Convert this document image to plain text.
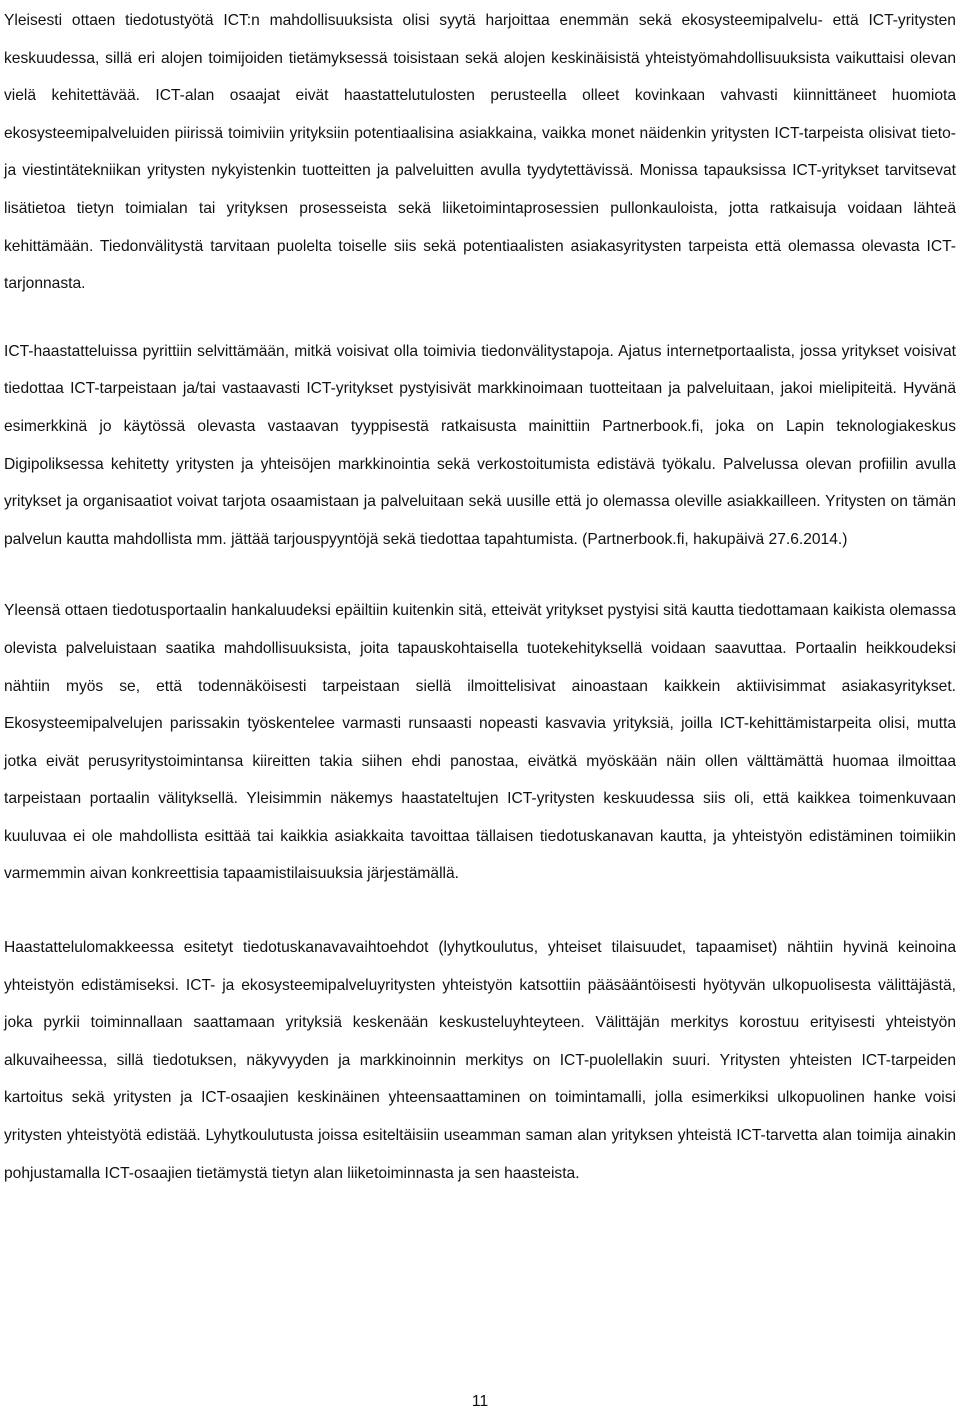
Yleisesti ottaen tiedotustyötä ICT:n mahdollisuuksista olisi syytä harjoittaa enemmän sekä ekosysteemipalvelu- että ICT-yritysten keskuudessa, sillä eri alojen toimijoiden tietämyksessä toisistaan sekä alojen keskinäisistä yhteistyömahdollisuuksista vaikuttaisi olevan vielä kehitettävää. ICT-alan osaajat eivät haastattelutulosten perusteella olleet kovinkaan vahvasti kiinnittäneet huomiota ekosysteemipalveluiden piirissä toimiviin yrityksiin potentiaalisina asiakkaina, vaikka monet näidenkin yritysten ICT-tarpeista olisivat tieto- ja viestintätekniikan yritysten nykyistenkin tuotteitten ja palveluitten avulla tyydytettävissä. Monissa tapauksissa ICT-yritykset tarvitsevat lisätietoa tietyn toimialan tai yrityksen prosesseista sekä liiketoimintaprosessien pullonkauloista, jotta ratkaisuja voidaan lähteä kehittämään. Tiedonvälitystä tarvitaan puolelta toiselle siis sekä potentiaalisten asiakasyritysten tarpeista että olemassa olevasta ICT-tarjonnasta.

ICT-haastatteluissa pyrittiin selvittämään, mitkä voisivat olla toimivia tiedonvälitystapoja. Ajatus internetportaalista, jossa yritykset voisivat tiedottaa ICT-tarpeistaan ja/tai vastaavasti ICT-yritykset pystyisivät markkinoimaan tuotteitaan ja palveluitaan, jakoi mielipiteitä. Hyvänä esimerkkinä jo käytössä olevasta vastaavan tyyppisestä ratkaisusta mainittiin Partnerbook.fi, joka on Lapin teknologiakeskus Digipoliksessa kehitetty yritysten ja yhteisöjen markkinointia sekä verkostoitumista edistävä työkalu. Palvelussa olevan profiilin avulla yritykset ja organisaatiot voivat tarjota osaamistaan ja palveluitaan sekä uusille että jo olemassa oleville asiakkailleen. Yritysten on tämän palvelun kautta mahdollista mm. jättää tarjouspyyntöjä sekä tiedottaa tapahtumista. (Partnerbook.fi, hakupäivä 27.6.2014.)

Yleensä ottaen tiedotusportaalin hankaluudeksi epäiltiin kuitenkin sitä, etteivät yritykset pystyisi sitä kautta tiedottamaan kaikista olemassa olevista palveluistaan saatika mahdollisuuksista, joita tapauskohtaisella tuotekehityksellä voidaan saavuttaa. Portaalin heikkoudeksi nähtiin myös se, että todennäköisesti tarpeistaan siellä ilmoittelisivat ainoastaan kaikkein aktiivisimmat asiakasyritykset. Ekosysteemipalvelujen parissakin työskentelee varmasti runsaasti nopeasti kasvavia yrityksiä, joilla ICT-kehittämistarpeita olisi, mutta jotka eivät perusyritystoimintansa kiireitten takia siihen ehdi panostaa, eivätkä myöskään näin ollen välttämättä huomaa ilmoittaa tarpeistaan portaalin välityksellä. Yleisimmin näkemys haastateltujen ICT-yritysten keskuudessa siis oli, että kaikkea toimenkuvaan kuuluvaa ei ole mahdollista esittää tai kaikkia asiakkaita tavoittaa tällaisen tiedotuskanavan kautta, ja yhteistyön edistäminen toimiikin varmemmin aivan konkreettisia tapaamistilaisuuksia järjestämällä.

Haastattelulomakkeessa esitetyt tiedotuskanavavaihtoehdot (lyhytkoulutus, yhteiset tilaisuudet, tapaamiset) nähtiin hyvinä keinoina yhteistyön edistämiseksi. ICT- ja ekosysteemipalveluyritysten yhteistyön katsottiin pääsääntöisesti hyötyvän ulkopuolisesta välittäjästä, joka pyrkii toiminnallaan saattamaan yrityksiä keskenään keskusteluyhteyteen. Välittäjän merkitys korostuu erityisesti yhteistyön alkuvaiheessa, sillä tiedotuksen, näkyvyyden ja markkinoinnin merkitys on ICT-puolellakin suuri. Yritysten yhteisten ICT-tarpeiden kartoitus sekä yritysten ja ICT-osaajien keskinäinen yhteensaattaminen on toimintamalli, jolla esimerkiksi ulkopuolinen hanke voisi yritysten yhteistyötä edistää. Lyhytkoulutusta joissa esiteltäisiin useamman saman alan yrityksen yhteistä ICT-tarvetta alan toimija ainakin pohjustamalla ICT-osaajien tietämystä tietyn alan liiketoiminnasta ja sen haasteista.

11
